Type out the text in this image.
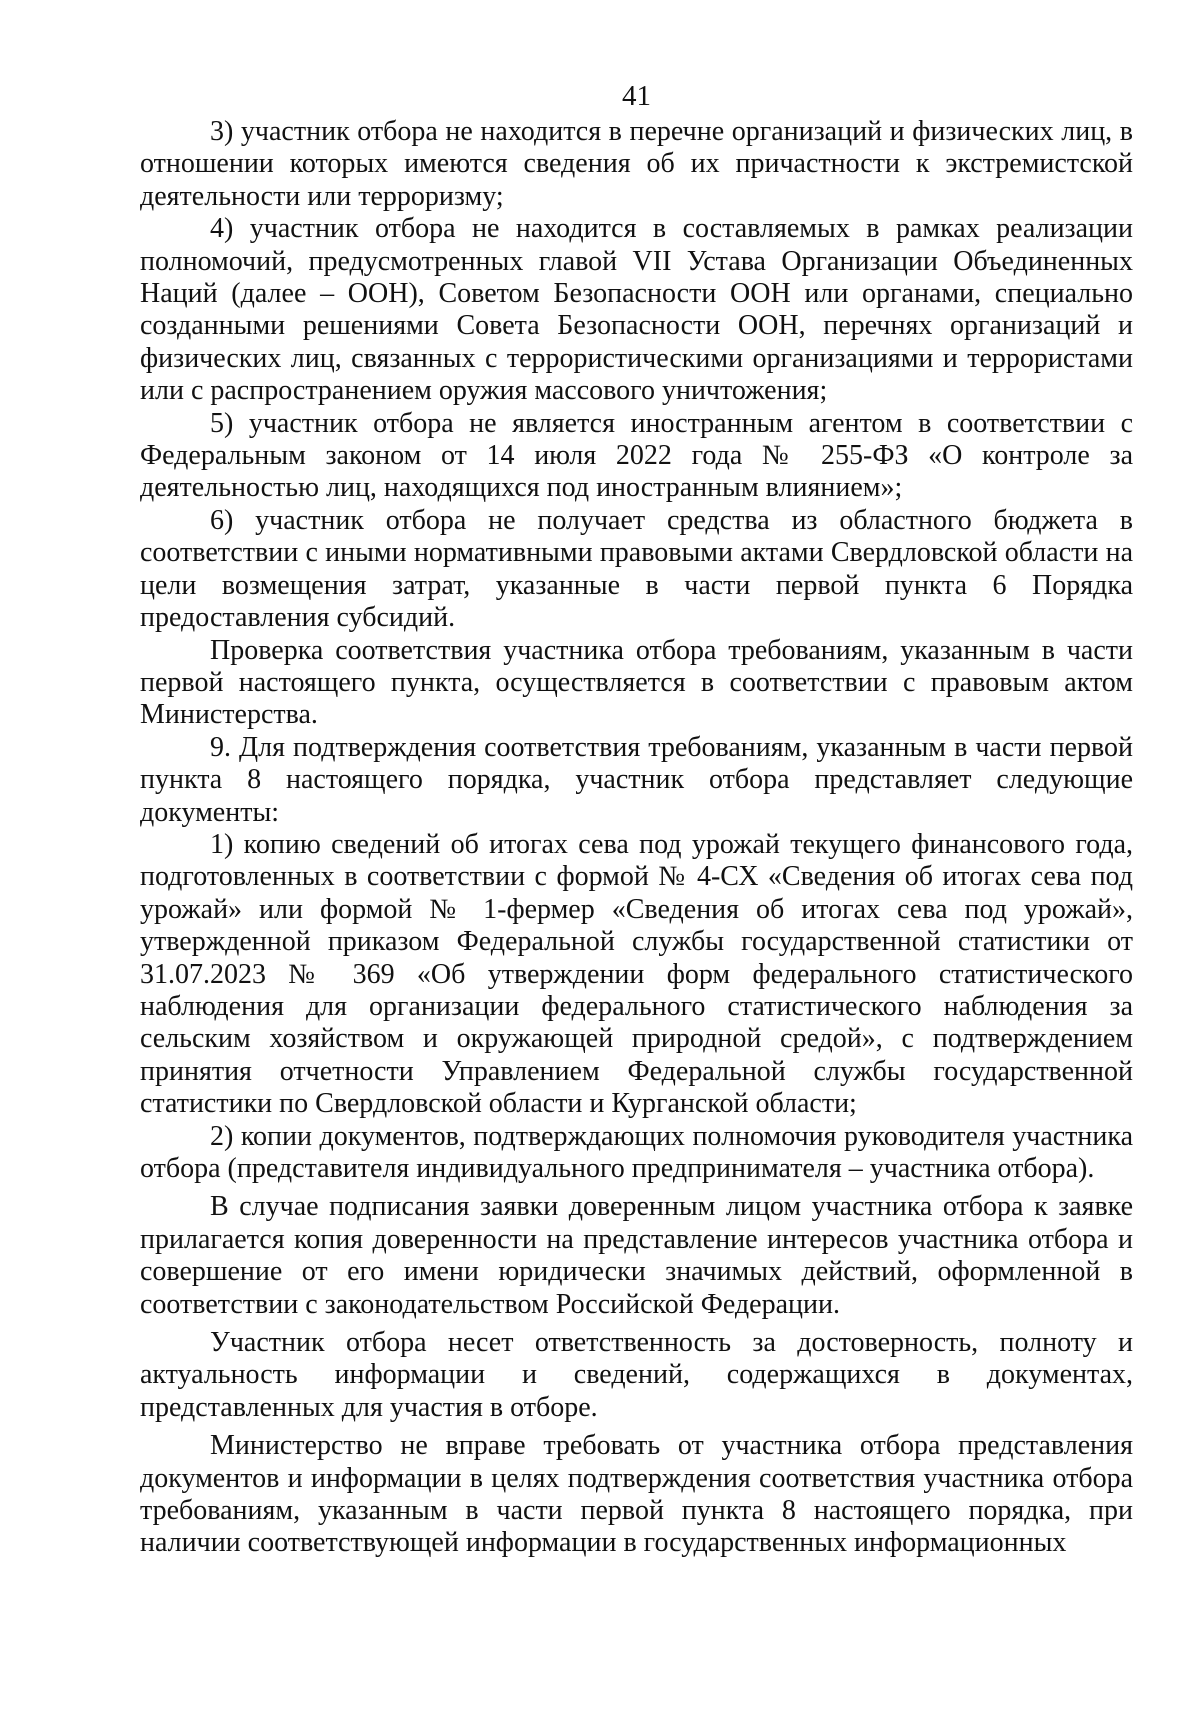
41

3) участник отбора не находится в перечне организаций и физических лиц, в отношении которых имеются сведения об их причастности к экстремистской деятельности или терроризму;

4) участник отбора не находится в составляемых в рамках реализации полномочий, предусмотренных главой VII Устава Организации Объединенных Наций (далее – ООН), Советом Безопасности ООН или органами, специально созданными решениями Совета Безопасности ООН, перечнях организаций и физических лиц, связанных с террористическими организациями и террористами или с распространением оружия массового уничтожения;

5) участник отбора не является иностранным агентом в соответствии с Федеральным законом от 14 июля 2022 года № 255-ФЗ «О контроле за деятельностью лиц, находящихся под иностранным влиянием»;

6) участник отбора не получает средства из областного бюджета в соответствии с иными нормативными правовыми актами Свердловской области на цели возмещения затрат, указанные в части первой пункта 6 Порядка предоставления субсидий.

Проверка соответствия участника отбора требованиям, указанным в части первой настоящего пункта, осуществляется в соответствии с правовым актом Министерства.

9. Для подтверждения соответствия требованиям, указанным в части первой пункта 8 настоящего порядка, участник отбора представляет следующие документы:

1) копию сведений об итогах сева под урожай текущего финансового года, подготовленных в соответствии с формой № 4-СХ «Сведения об итогах сева под урожай» или формой № 1-фермер «Сведения об итогах сева под урожай», утвержденной приказом Федеральной службы государственной статистики от 31.07.2023 № 369 «Об утверждении форм федерального статистического наблюдения для организации федерального статистического наблюдения за сельским хозяйством и окружающей природной средой», с подтверждением принятия отчетности Управлением Федеральной службы государственной статистики по Свердловской области и Курганской области;

2) копии документов, подтверждающих полномочия руководителя участника отбора (представителя индивидуального предпринимателя – участника отбора).

В случае подписания заявки доверенным лицом участника отбора к заявке прилагается копия доверенности на представление интересов участника отбора и совершение от его имени юридически значимых действий, оформленной в соответствии с законодательством Российской Федерации.

Участник отбора несет ответственность за достоверность, полноту и актуальность информации и сведений, содержащихся в документах, представленных для участия в отборе.

Министерство не вправе требовать от участника отбора представления документов и информации в целях подтверждения соответствия участника отбора требованиям, указанным в части первой пункта 8 настоящего порядка, при наличии соответствующей информации в государственных информационных
